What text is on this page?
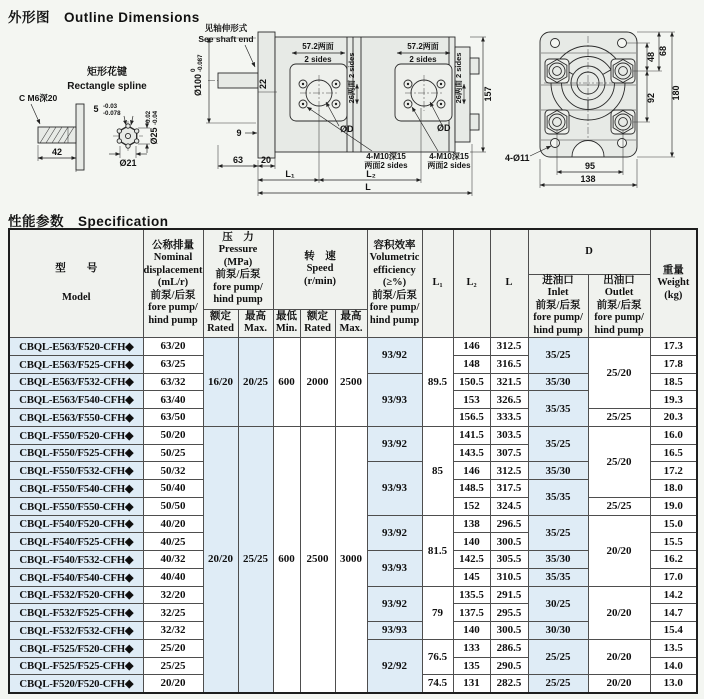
外形图 Outline Dimensions
矩形花键
Rectangle spline
C M6深20
42
5 -0.03
-0.078
Ø21
Ø25
-0.02 -0.04
57.2两面
2 sides
57.2两面
2 sides
见轴伸形式
See shaft end
Ø100
0 -0.087
22	26两面 2 sides	26两面 2 sides
9	ØD	ØD
4-M10深15
两面2 sides
4-M10深15
两面2 sides
63 20
L₁	L₂
L
157
48
68
92 180
4-Ø11
95
138
性能参数 Specification
型　　号
Model

公称排量
Nominal
displacement
(mL/r)
前泵/后泵
fore pump/
hind pump

压　力
Pressure
(MPa)
前泵/后泵
fore pump/
hind pump

转　速
Speed
(r/min)

容积效率
Volumetric
efficiency
(≥%)
前泵/后泵
fore pump/
hind pump
	L₁	L₂	L	D	
重量
Weight
(kg)

进油口
Inlet
前泵/后泵
fore pump/
hind pump

出油口
Outlet
前泵/后泵
fore pump/
hind pump

额定
Rated

最高
Max.

最低
Min.

额定
Rated

最高
Max.

CBQL-E563/F520-CFH◆	63/20	16/20	20/25	600	2000	2500	93/92	89.5	146	312.5	35/25	25/20	17.3
CBQL-E563/F525-CFH◆	63/25								148	316.5			17.8
CBQL-E563/F532-CFH◆	63/32						93/93		150.5	321.5	35/30		18.5
CBQL-E563/F540-CFH◆	63/40								153	326.5	35/35		19.3
CBQL-E563/F550-CFH◆	63/50								156.5	333.5		25/25	20.3
CBQL-F550/F520-CFH◆	50/20	20/20	25/25	600	2500	3000	93/92	85	141.5	303.5	35/25	25/20	16.0
CBQL-F550/F525-CFH◆	50/25								143.5	307.5			16.5
CBQL-F550/F532-CFH◆	50/32						93/93		146	312.5	35/30		17.2
CBQL-F550/F540-CFH◆	50/40								148.5	317.5	35/35		18.0
CBQL-F550/F550-CFH◆	50/50								152	324.5		25/25	19.0
CBQL-F540/F520-CFH◆	40/20						93/92	81.5	138	296.5	35/25	20/20	15.0
CBQL-F540/F525-CFH◆	40/25								140	300.5			15.5
CBQL-F540/F532-CFH◆	40/32						93/93		142.5	305.5	35/30		16.2
CBQL-F540/F540-CFH◆	40/40								145	310.5	35/35		17.0
CBQL-F532/F520-CFH◆	32/20						93/92	79	135.5	291.5	30/25	20/20	14.2
CBQL-F532/F525-CFH◆	32/25								137.5	295.5			14.7
CBQL-F532/F532-CFH◆	32/32						93/93		140	300.5	30/30		15.4
CBQL-F525/F520-CFH◆	25/20						92/92	76.5	133	286.5	25/25	20/20	13.5
CBQL-F525/F525-CFH◆	25/25								135	290.5			14.0
CBQL-F520/F520-CFH◆	20/20							74.5	131	282.5	25/25	20/20	13.0
